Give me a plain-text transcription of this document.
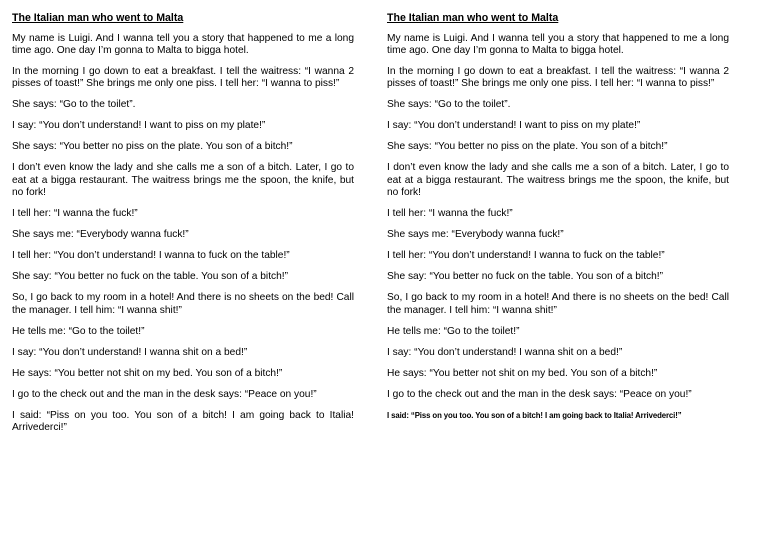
The Italian man who went to Malta

My name is Luigi. And I wanna tell you a story that happened to me a long time ago. One day I’m gonna to Malta to bigga hotel.

In the morning I go down to eat a breakfast. I tell the waitress: “I wanna 2 pisses of toast!” She brings me only one piss. I tell her: “I wanna to piss!”

She says: “Go to the toilet”.

I say: “You don’t understand! I want to piss on my plate!”

She says: “You better no piss on the plate. You son of a bitch!”

I don’t even know the lady and she calls me a son of a bitch. Later, I go to eat at a bigga restaurant. The waitress brings me the spoon, the knife, but no fork!

I tell her: “I wanna the fuck!”

She says me: “Everybody wanna fuck!”

I tell her: “You don’t understand! I wanna to fuck on the table!”

She say: “You better no fuck on the table. You son of a bitch!”

So, I go back to my room in a hotel! And there is no sheets on the bed! Call the manager. I tell him: “I wanna shit!”

He tells me: “Go to the toilet!”

I say: “You don’t understand! I wanna shit on a bed!”

He says: “You better not shit on my bed. You son of a bitch!”

I go to the check out and the man in the desk says: “Peace on you!”

I said: “Piss on you too. You son of a bitch! I am going back to Italia! Arrivederci!”

The Italian man who went to Malta

My name is Luigi. And I wanna tell you a story that happened to me a long time ago. One day I’m gonna to Malta to bigga hotel.

In the morning I go down to eat a breakfast. I tell the waitress: “I wanna 2 pisses of toast!” She brings me only one piss. I tell her: “I wanna to piss!”

She says: “Go to the toilet”.

I say: “You don’t understand! I want to piss on my plate!”

She says: “You better no piss on the plate. You son of a bitch!”

I don’t even know the lady and she calls me a son of a bitch. Later, I go to eat at a bigga restaurant. The waitress brings me the spoon, the knife, but no fork!

I tell her: “I wanna the fuck!”

She says me: “Everybody wanna fuck!”

I tell her: “You don’t understand! I wanna to fuck on the table!”

She say: “You better no fuck on the table. You son of a bitch!”

So, I go back to my room in a hotel! And there is no sheets on the bed! Call the manager. I tell him: “I wanna shit!”

He tells me: “Go to the toilet!”

I say: “You don’t understand! I wanna shit on a bed!”

He says: “You better not shit on my bed. You son of a bitch!”

I go to the check out and the man in the desk says: “Peace on you!”

I said: “Piss on you too. You son of a bitch! I am going back to Italia! Arrivederci!”
